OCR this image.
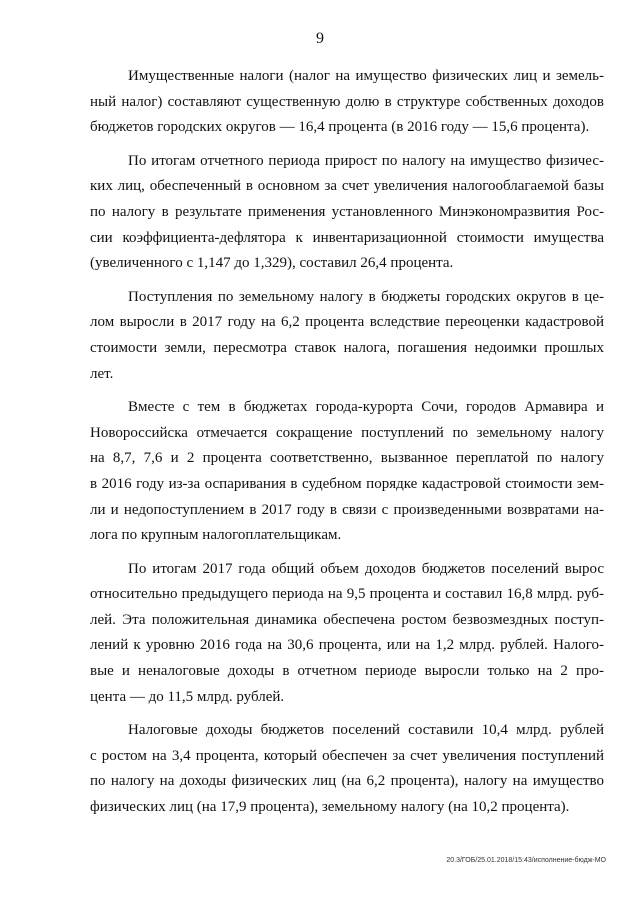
9

Имущественные налоги (налог на имущество физических лиц и земель-
ный налог) составляют существенную долю в структуре собственных доходов
бюджетов городских округов — 16,4 процента (в 2016 году — 15,6 процента).

По итогам отчетного периода прирост по налогу на имущество физичес-
ких лиц, обеспеченный в основном за счет увеличения налогооблагаемой базы
по налогу в результате применения установленного Минэкономразвития Рос-
сии коэффициента-дефлятора к инвентаризационной стоимости имущества
(увеличенного с 1,147 до 1,329), составил 26,4 процента.

Поступления по земельному налогу в бюджеты городских округов в це-
лом выросли в 2017 году на 6,2 процента вследствие переоценки кадастровой
стоимости земли, пересмотра ставок налога, погашения недоимки прошлых
лет.

Вместе с тем в бюджетах города-курорта Сочи, городов Армавира и
Новороссийска отмечается сокращение поступлений по земельному налогу
на 8,7, 7,6 и 2 процента соответственно, вызванное переплатой по налогу
в 2016 году из-за оспаривания в судебном порядке кадастровой стоимости зем-
ли и недопоступлением в 2017 году в связи с произведенными возвратами на-
лога по крупным налогоплательщикам.

По итогам 2017 года общий объем доходов бюджетов поселений вырос
относительно предыдущего периода на 9,5 процента и составил 16,8 млрд. руб-
лей. Эта положительная динамика обеспечена ростом безвозмездных поступ-
лений к уровню 2016 года на 30,6 процента, или на 1,2 млрд. рублей. Налого-
вые и неналоговые доходы в отчетном периоде выросли только на 2 про-
цента — до 11,5 млрд. рублей.

Налоговые доходы бюджетов поселений составили 10,4 млрд. рублей
с ростом на 3,4 процента, который обеспечен за счет увеличения поступлений
по налогу на доходы физических лиц (на 6,2 процента), налогу на имущество
физических лиц (на 17,9 процента), земельному налогу (на 10,2 процента).

20.3/ГОБ/25.01.2018/15:43/исполнение-бюдж-МО
